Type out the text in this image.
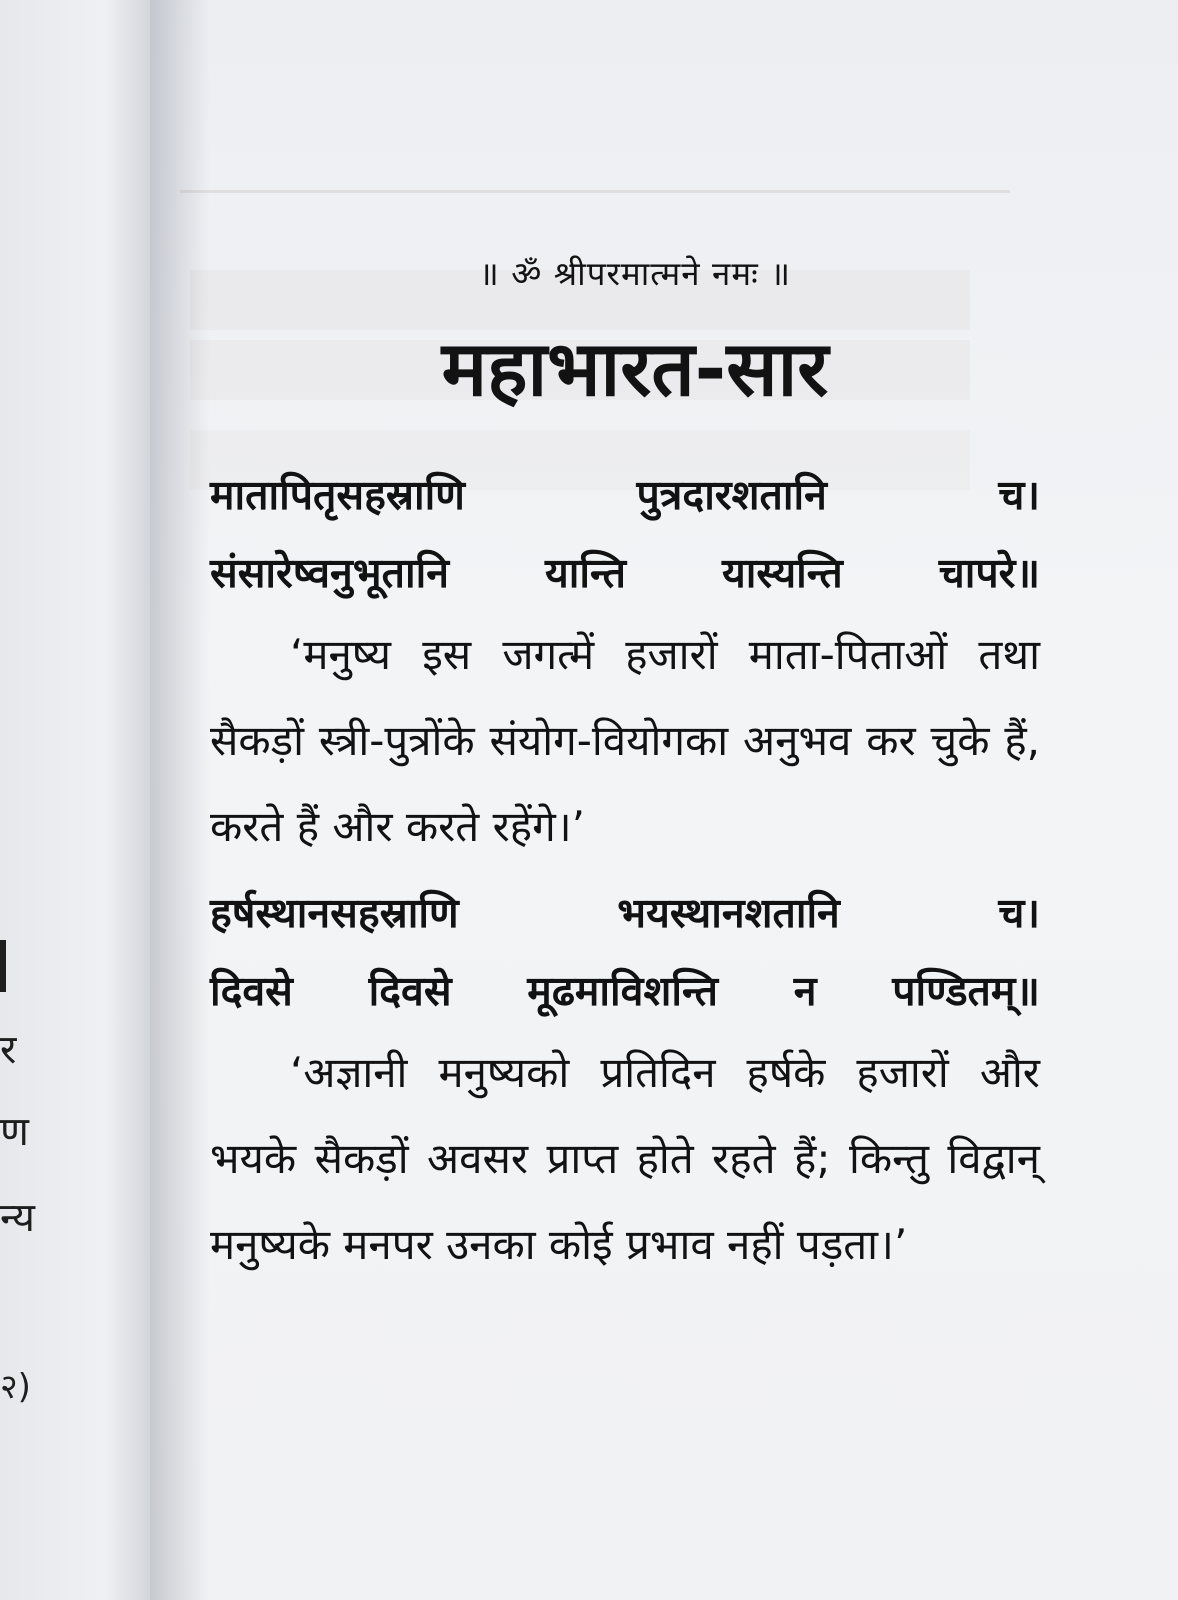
र
ण
न्य
२)
॥ ॐ श्रीपरमात्मने नमः ॥
महाभारत-सार
मातापितृसहस्राणि पुत्रदारशतानि च।
संसारेष्वनुभूतानि यान्ति यास्यन्ति चापरे॥

‘मनुष्य इस जगत्में हजारों माता-पिताओं तथा सैकड़ों स्त्री-पुत्रोंके संयोग-वियोगका अनुभव कर चुके हैं, करते हैं और करते रहेंगे।’

हर्षस्थानसहस्राणि भयस्थानशतानि च।
दिवसे दिवसे मूढमाविशन्ति न पण्डितम्॥

‘अज्ञानी मनुष्यको प्रतिदिन हर्षके हजारों और भयके सैकड़ों अवसर प्राप्त होते रहते हैं; किन्तु विद्वान् मनुष्यके मनपर उनका कोई प्रभाव नहीं पड़ता।’
